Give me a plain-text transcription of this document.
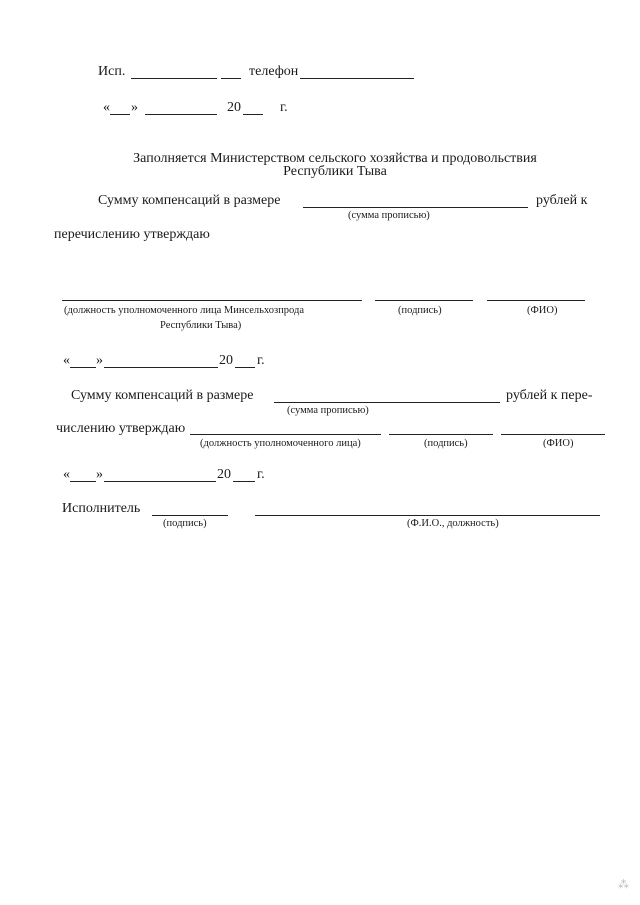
Исп.	телефон
« »	20	г.
Заполняется Министерством сельского хозяйства и продовольствия
Республики Тыва
Сумму компенсаций в размере	рублей к
(сумма прописью)
перечислению утверждаю
(должность уполномоченного лица Минсельхозпрода
Республики Тыва)
(подпись)	(ФИО)
« »	20 г.
Сумму компенсаций в размере	рублей к пере-
(сумма прописью)
числению утверждаю
(должность уполномоченного лица)	(подпись)	(ФИО)
« »	20 г.
Исполнитель
(подпись)	(Ф.И.О., должность)
⁂
